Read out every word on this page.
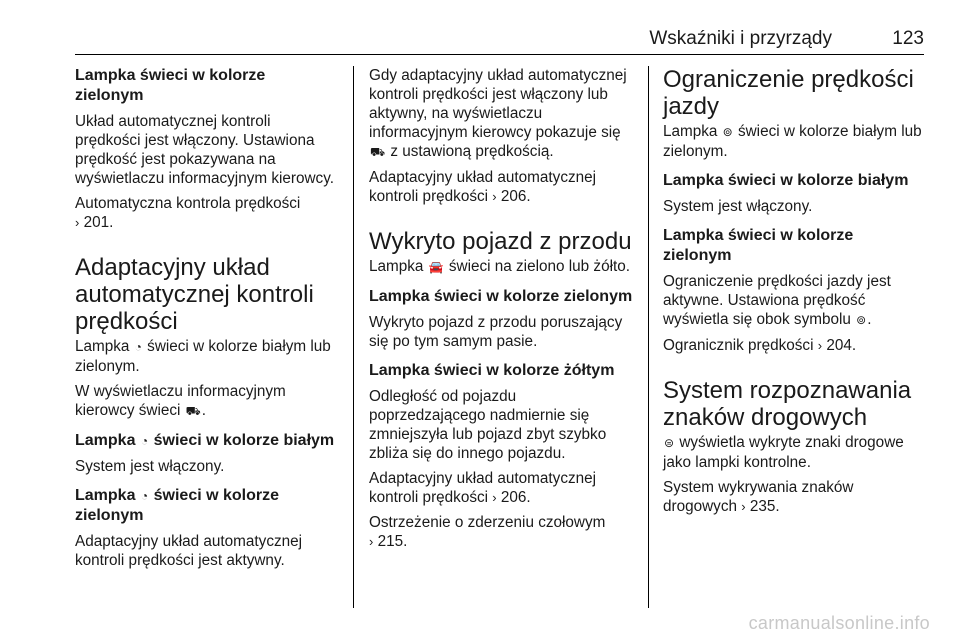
Wskaźniki i przyrządy	123
Lampka świeci w kolorze zielonym

Układ automatycznej kontroli prędkości jest włączony. Ustawiona prędkość jest pokazywana na wyświetlaczu informacyjnym kierowcy.

Automatyczna kontrola prędkości
› 201.

Adaptacyjny układ automatycznej kontroli prędkości

Lampka ◔ świeci w kolorze białym lub zielonym.

W wyświetlaczu informacyjnym kierowcy świeci ⛟.

Lampka ◔ świeci w kolorze białym

System jest włączony.

Lampka ◔ świeci w kolorze zielonym

Adaptacyjny układ automatycznej kontroli prędkości jest aktywny.

Gdy adaptacyjny układ automatycznej kontroli prędkości jest włączony lub aktywny, na wyświetlaczu informacyjnym kierowcy pokazuje się ⛟ z ustawioną prędkością.

Adaptacyjny układ automatycznej kontroli prędkości › 206.

Wykryto pojazd z przodu

Lampka 🚘 świeci na zielono lub żółto.

Lampka świeci w kolorze zielonym

Wykryto pojazd z przodu poruszający się po tym samym pasie.

Lampka świeci w kolorze żółtym

Odległość od pojazdu poprzedzającego nadmiernie się zmniejszyła lub pojazd zbyt szybko zbliża się do innego pojazdu.

Adaptacyjny układ automatycznej kontroli prędkości › 206.

Ostrzeżenie o zderzeniu czołowym
› 215.

Ograniczenie prędkości jazdy

Lampka ⊚ świeci w kolorze białym lub zielonym.

Lampka świeci w kolorze białym

System jest włączony.

Lampka świeci w kolorze zielonym

Ograniczenie prędkości jazdy jest aktywne. Ustawiona prędkość wyświetla się obok symbolu ⊚.

Ogranicznik prędkości › 204.

System rozpoznawania znaków drogowych

⊜ wyświetla wykryte znaki drogowe jako lampki kontrolne.

System wykrywania znaków drogowych › 235.

carmanualsonline.info
